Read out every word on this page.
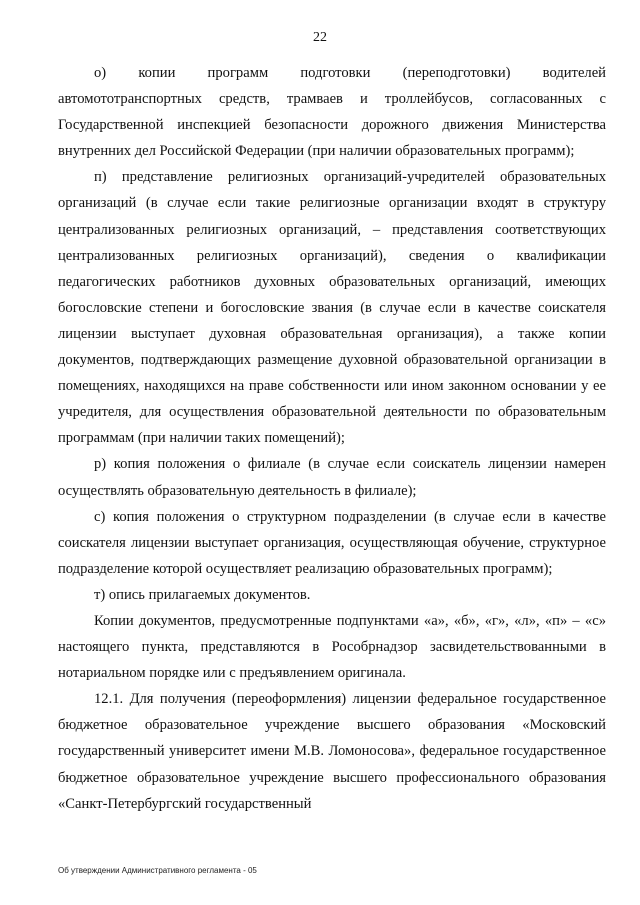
22

о) копии программ подготовки (переподготовки) водителей автомототранспортных средств, трамваев и троллейбусов, согласованных с Государственной инспекцией безопасности дорожного движения Министерства внутренних дел Российской Федерации (при наличии образовательных программ);

п) представление религиозных организаций-учредителей образовательных организаций (в случае если такие религиозные организации входят в структуру централизованных религиозных организаций, – представления соответствующих централизованных религиозных организаций), сведения о квалификации педагогических работников духовных образовательных организаций, имеющих богословские степени и богословские звания (в случае если в качестве соискателя лицензии выступает духовная образовательная организация), а также копии документов, подтверждающих размещение духовной образовательной организации в помещениях, находящихся на праве собственности или ином законном основании у ее учредителя, для осуществления образовательной деятельности по образовательным программам (при наличии таких помещений);

р) копия положения о филиале (в случае если соискатель лицензии намерен осуществлять образовательную деятельность в филиале);

с) копия положения о структурном подразделении (в случае если в качестве соискателя лицензии выступает организация, осуществляющая обучение, структурное подразделение которой осуществляет реализацию образовательных программ);

т) опись прилагаемых документов.

Копии документов, предусмотренные подпунктами «а», «б», «г», «л», «п» – «с» настоящего пункта, представляются в Рособрнадзор засвидетельствованными в нотариальном порядке или с предъявлением оригинала.

12.1. Для получения (переоформления) лицензии федеральное государственное бюджетное образовательное учреждение высшего образования «Московский государственный университет имени М.В. Ломоносова», федеральное государственное бюджетное образовательное учреждение высшего профессионального образования «Санкт-Петербургский государственный

Об утверждении Административного регламента - 05
